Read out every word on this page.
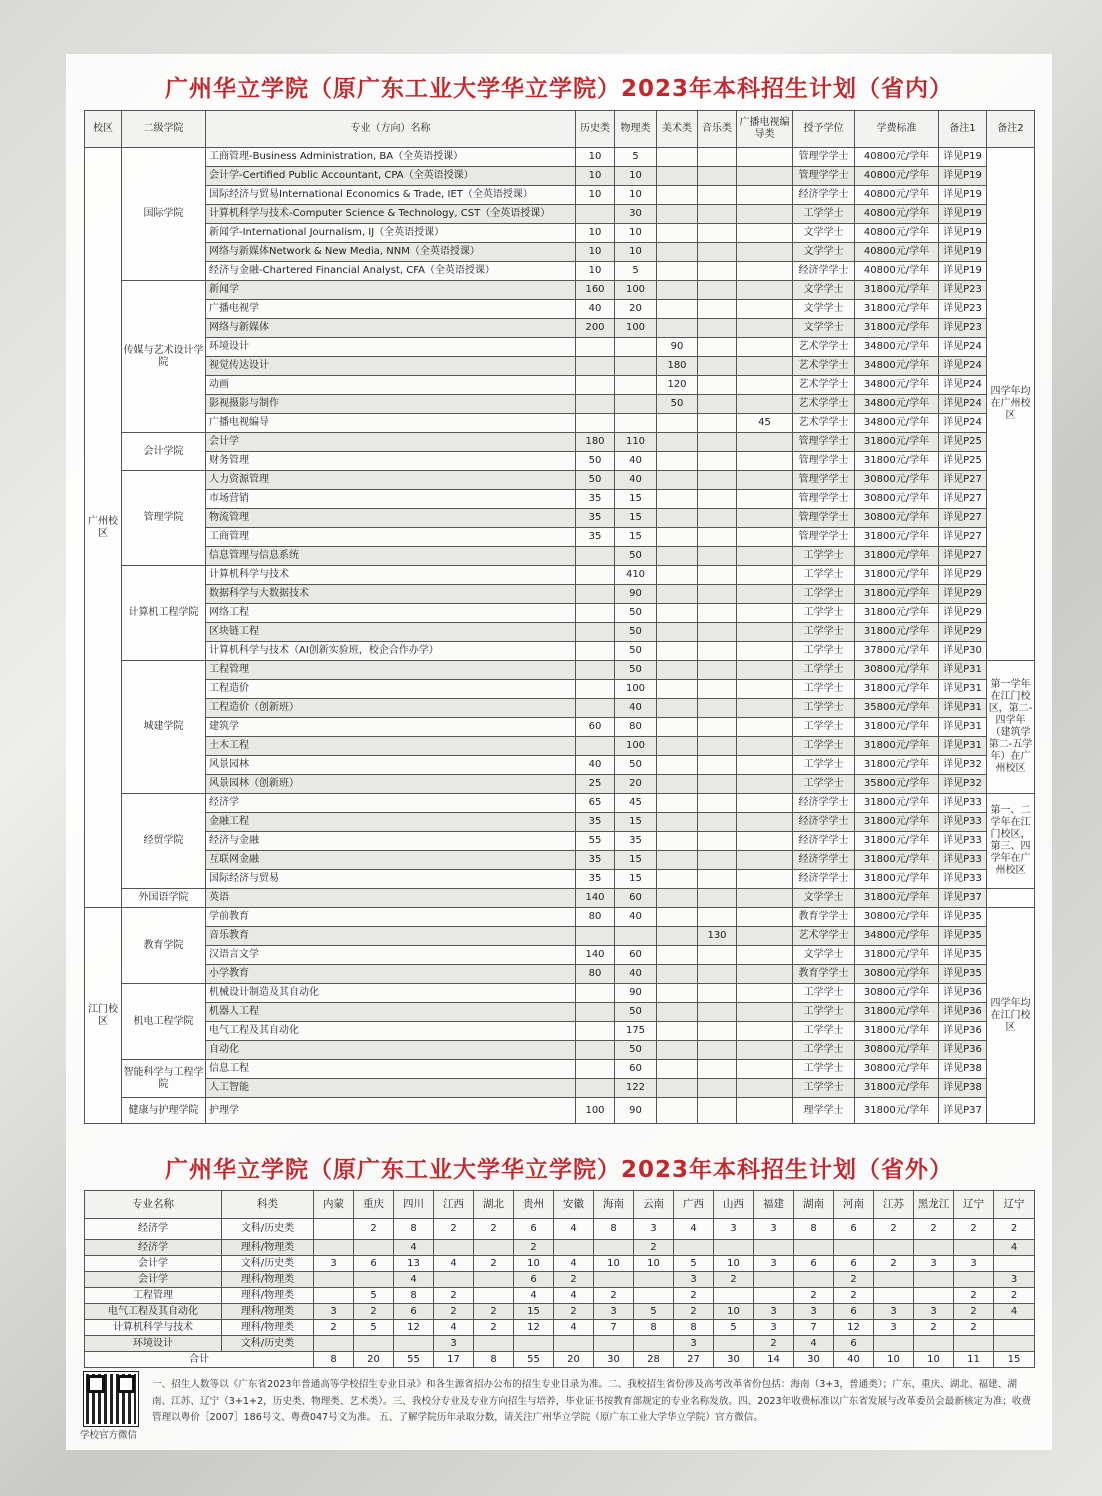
广州华立学院（原广东工业大学华立学院）2023年本科招生计划（省内）
校区	二级学院	专业（方向）名称	历史类	物理类	美术类	音乐类	广播电视编导类	授予学位	学费标准	备注1	备注2
广州校区	国际学院	工商管理-Business Administration, BA（全英语授课）	10	5				管理学学士	40800元/学年	详见P19	四学年均在广州校区
		会计学-Certified Public Accountant, CPA（全英语授课）	10	10				管理学学士	40800元/学年	详见P19	
		国际经济与贸易International Economics & Trade, IET（全英语授课）	10	10				经济学学士	40800元/学年	详见P19	
		计算机科学与技术-Computer Science & Technology, CST（全英语授课）		30				工学学士	40800元/学年	详见P19	
		新闻学-International Journalism, IJ（全英语授课）	10	10				文学学士	40800元/学年	详见P19	
		网络与新媒体Network & New Media, NNM（全英语授课）	10	10				文学学士	40800元/学年	详见P19	
		经济与金融-Chartered Financial Analyst, CFA（全英语授课）	10	5				经济学学士	40800元/学年	详见P19	
	传媒与艺术设计学院	新闻学	160	100				文学学士	31800元/学年	详见P23	
		广播电视学	40	20				文学学士	31800元/学年	详见P23	
		网络与新媒体	200	100				文学学士	31800元/学年	详见P23	
		环境设计			90			艺术学学士	34800元/学年	详见P24	
		视觉传达设计			180			艺术学学士	34800元/学年	详见P24	
		动画			120			艺术学学士	34800元/学年	详见P24	
		影视摄影与制作			50			艺术学学士	34800元/学年	详见P24	
		广播电视编导					45	艺术学学士	34800元/学年	详见P24	
	会计学院	会计学	180	110				管理学学士	31800元/学年	详见P25	
		财务管理	50	40				管理学学士	31800元/学年	详见P25	
	管理学院	人力资源管理	50	40				管理学学士	30800元/学年	详见P27	
		市场营销	35	15				管理学学士	30800元/学年	详见P27	
		物流管理	35	15				管理学学士	30800元/学年	详见P27	
		工商管理	35	15				管理学学士	31800元/学年	详见P27	
		信息管理与信息系统		50				工学学士	31800元/学年	详见P27	
	计算机工程学院	计算机科学与技术		410				工学学士	31800元/学年	详见P29	
		数据科学与大数据技术		90				工学学士	31800元/学年	详见P29	
		网络工程		50				工学学士	31800元/学年	详见P29	
		区块链工程		50				工学学士	31800元/学年	详见P29	
		计算机科学与技术（AI创新实验班，校企合作办学）		50				工学学士	37800元/学年	详见P30	
	城建学院	工程管理		50				工学学士	30800元/学年	详见P31	第一学年在江门校区，第二-四学年（建筑学第二-五学年）在广州校区
		工程造价		100				工学学士	31800元/学年	详见P31	
		工程造价（创新班）		40				工学学士	35800元/学年	详见P31	
		建筑学	60	80				工学学士	31800元/学年	详见P31	
		土木工程		100				工学学士	31800元/学年	详见P31	
		风景园林	40	50				工学学士	31800元/学年	详见P32	
		风景园林（创新班）	25	20				工学学士	35800元/学年	详见P32	
	经贸学院	经济学	65	45				经济学学士	31800元/学年	详见P33	第一、二学年在江门校区，第三、四学年在广州校区
		金融工程	35	15				经济学学士	31800元/学年	详见P33	
		经济与金融	55	35				经济学学士	31800元/学年	详见P33	
		互联网金融	35	15				经济学学士	31800元/学年	详见P33	
		国际经济与贸易	35	15				经济学学士	31800元/学年	详见P33	
	外国语学院	英语	140	60				文学学士	31800元/学年	详见P37	
江门校区	教育学院	学前教育	80	40				教育学学士	30800元/学年	详见P35	四学年均在江门校区
		音乐教育				130		艺术学学士	34800元/学年	详见P35	
		汉语言文学	140	60				文学学士	31800元/学年	详见P35	
		小学教育	80	40				教育学学士	30800元/学年	详见P35	
	机电工程学院	机械设计制造及其自动化		90				工学学士	30800元/学年	详见P36	
		机器人工程		50				工学学士	31800元/学年	详见P36	
		电气工程及其自动化		175				工学学士	31800元/学年	详见P36	
		自动化		50				工学学士	30800元/学年	详见P36	
	智能科学与工程学院	信息工程		60				工学学士	30800元/学年	详见P38	
		人工智能		122				工学学士	31800元/学年	详见P38	
	健康与护理学院	护理学	100	90				理学学士	31800元/学年	详见P37	
广州华立学院（原广东工业大学华立学院）2023年本科招生计划（省外）
专业名称	科类	内蒙	重庆	四川	江西	湖北	贵州	安徽	海南	云南	广西	山西	福建	湖南	河南	江苏	黑龙江	辽宁	辽宁
经济学	文科/历史类		2	8	2	2	6	4	8	3	4	3	3	8	6	2	2	2	2
经济学	理科/物理类			4			2			2									4
会计学	文科/历史类	3	6	13	4	2	10	4	10	10	5	10	3	6	6	2	3	3	
会计学	理科/物理类			4			6	2			3	2			2				3
工程管理	理科/物理类		5	8	2		4	4	2		2			2	2			2	2
电气工程及其自动化	理科/物理类	3	2	6	2	2	15	2	3	5	2	10	3	3	6	3	3	2	4
计算机科学与技术	理科/物理类	2	5	12	4	2	12	4	7	8	8	5	3	7	12	3	2	2	
环境设计	文科/历史类				3						3		2	4	6				
合计		8	20	55	17	8	55	20	30	28	27	30	14	30	40	10	10	11	15
学校官方微信
一、招生人数等以《广东省2023年普通高等学校招生专业目录》和各生源省招办公布的招生专业目录为准。二、我校招生省份涉及高考改革省份包括：海南（3+3，普通类）；广东、重庆、湖北、福建、湖南、江苏、辽宁（3+1+2，历史类、物理类、艺术类）。三、我校分专业及专业方向招生与培养，毕业证书按教育部规定的专业名称发放。四、2023年收费标准以广东省发展与改革委员会最新核定为准；收费管理以粤价［2007］186号文、粤费047号文为准。 五、了解学院历年录取分数，请关注广州华立学院（原广东工业大学华立学院）官方微信。
